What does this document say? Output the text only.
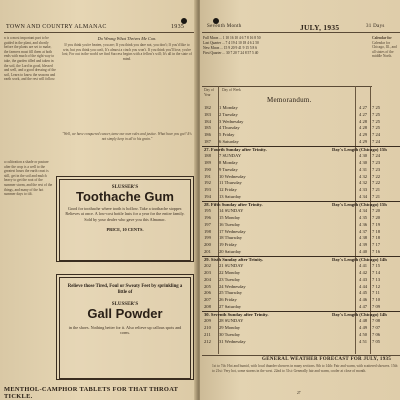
TOWN AND COUNTRY ALMANAC	1935
n is a most important part to be guided in the plant, and shortly before the plants are set to make, the farmers must fill them at both ends with much of the right way to take, the garden tilled and taken in the soil, the Lord in good, blessed and well, and a good dressing of the soil, Learn to know the seasons and earth work, and the rest will follow.
Do Wrong What Thrives Me Con.
If you think you're beaten, you are; If you think you dare not, you don't; If you'd like to win, but you think you can't, It's almost a cinch you won't. If you think you'll lose, you're lost; For out in the world we find Success begins with a fellow's will; It's all in the state of mind.
"Well, we have conquered cancer, tame our own rules and justice. What have you got? It's not simply keep in all to his grain."
a cultivation a shade or pasture after the crop is a well to the greatest hours the earth crust is still, get in the soil and mulch heavy to get the root of the summer storm, and the rest of the things, and many of the hot summer days to tilt.
SLUSSER'S
Toothache Gum
Good for toothache where tooth is hollow. Take a toothache stopper. Relieves at once. A low-cost bottle lasts for a year for the entire family. Sold by your dealer who gave you this Almanac.
PRICE, 10 CENTS.
Relieve those Tired, Foul or Sweaty Feet by sprinkling a little of
SLUSSER'S
Gall Powder
in the shoes. Nothing better for it. Also relieve up callous spots and corns.
MENTHOL-CAMPHOR TABLETS FOR THAT THROAT TICKLE.
Seventh Month	JULY, 1935	31 Days
Full Moon ... 1 10 16 10 4 6 7 8 16 8 50
Last Quarter ... 7 4 19 4 10 18 4 6 2 50
New Moon ... 15 9 20 9 41 9 15 5 8 6
First Quarter ... 30 7 20 7 24 8 57 5 40
Calendar for
Calendar for Chicago, Ill., and all states of the middle North.
Day of Year
Day of Week
Memorandum.
182	1 Monday	4 27 7 25
183	2 Tuesday	4 27 7 25
184	3 Wednesday	4 28 7 25
185	4 Thursday	4 28 7 25
186	5 Friday	4 29 7 24
187	6 Saturday	4 29 7 24
27. Fourth Sunday after Trinity.	Day's Length (Chicago) 15h
188	7 SUNDAY	4 30 7 24
189	8 Monday	4 30 7 23
190	9 Tuesday	4 31 7 23
191	10 Wednesday	4 32 7 22
192	11 Thursday	4 32 7 22
193	12 Friday	4 33 7 21
194	13 Saturday	4 34 7 21
28. Fifth Sunday after Trinity.	Day's Length (Chicago) 15h
195	14 SUNDAY	4 34 7 20
196	15 Monday	4 35 7 20
197	16 Tuesday	4 36 7 19
198	17 Wednesday	4 37 7 18
199	18 Thursday	4 38 7 18
200	19 Friday	4 39 7 17
201	20 Saturday	4 40 7 16
29. Sixth Sunday after Trinity.	Day's Length (Chicago) 14h
202	21 SUNDAY	4 41 7 15
203	22 Monday	4 42 7 14
204	23 Tuesday	4 43 7 13
205	24 Wednesday	4 44 7 12
206	25 Thursday	4 45 7 11
207	26 Friday	4 46 7 10
208	27 Saturday	4 47 7 09
30. Seventh Sunday after Trinity.	Day's Length (Chicago) 14h
209	28 SUNDAY	4 48 7 08
210	29 Monday	4 49 7 07
211	30 Tuesday	4 50 7 06
212	31 Wednesday	4 51 7 05
GENERAL WEATHER FORECAST FOR JULY, 1935
1st to 7th: Hot and humid, with local thunder showers in many sections. 8th to 14th: Fair and warm, with scattered showers. 15th to 21st: Very hot, some storms in the west. 22nd to 31st: Generally fair and warm, cooler at close of month.
27
